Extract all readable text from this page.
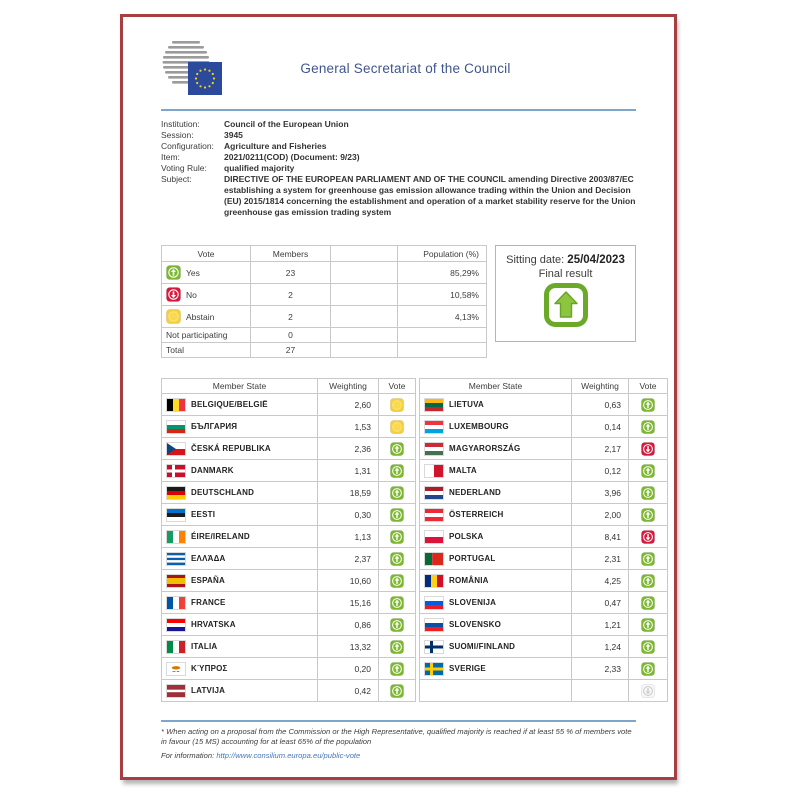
General Secretariat of the Council
Institution:	Council of the European Union
Session:	3945
Configuration:	Agriculture and Fisheries
Item:	2021/0211(COD) (Document: 9/23)
Voting Rule:	qualified majority
Subject:	DIRECTIVE OF THE EUROPEAN PARLIAMENT AND OF THE COUNCIL amending Directive 2003/87/EC establishing a system for greenhouse gas emission allowance trading within the Union and Decision (EU) 2015/1814 concerning the establishment and operation of a market stability reserve for the Union greenhouse gas emission trading system
Vote	Members		Population (%)

Yes	23		85,29%

No	2		10,58%

Abstain	2		4,13%

Not participating	0		

Total	27		
Sitting date: 25/04/2023
Final result
Member State	Weighting	Vote

BELGIQUE/BELGIË	2,60	

БЪЛГАРИЯ	1,53	

ČESKÁ REPUBLIKA	2,36	

DANMARK	1,31	

DEUTSCHLAND	18,59	

EESTI	0,30	

ÉIRE/IRELAND	1,13	

ΕΛΛΆΔΑ	2,37	

ESPAÑA	10,60	

FRANCE	15,16	

HRVATSKA	0,86	

ITALIA	13,32	

ΚΎΠΡΟΣ	0,20	

LATVIJA	0,42	
Member State	Weighting	Vote

LIETUVA	0,63	

LUXEMBOURG	0,14	

MAGYARORSZÁG	2,17	

MALTA	0,12	

NEDERLAND	3,96	

ÖSTERREICH	2,00	

POLSKA	8,41	

PORTUGAL	2,31	

ROMÂNIA	4,25	

SLOVENIJA	0,47	

SLOVENSKO	1,21	

SUOMI/FINLAND	1,24	

SVERIGE	2,33	

* When acting on a proposal from the Commission or the High Representative, qualified majority is reached if at least 55 % of members vote in favour (15 MS) accounting for at least 65% of the population
For information: http://www.consilium.europa.eu/public-vote
